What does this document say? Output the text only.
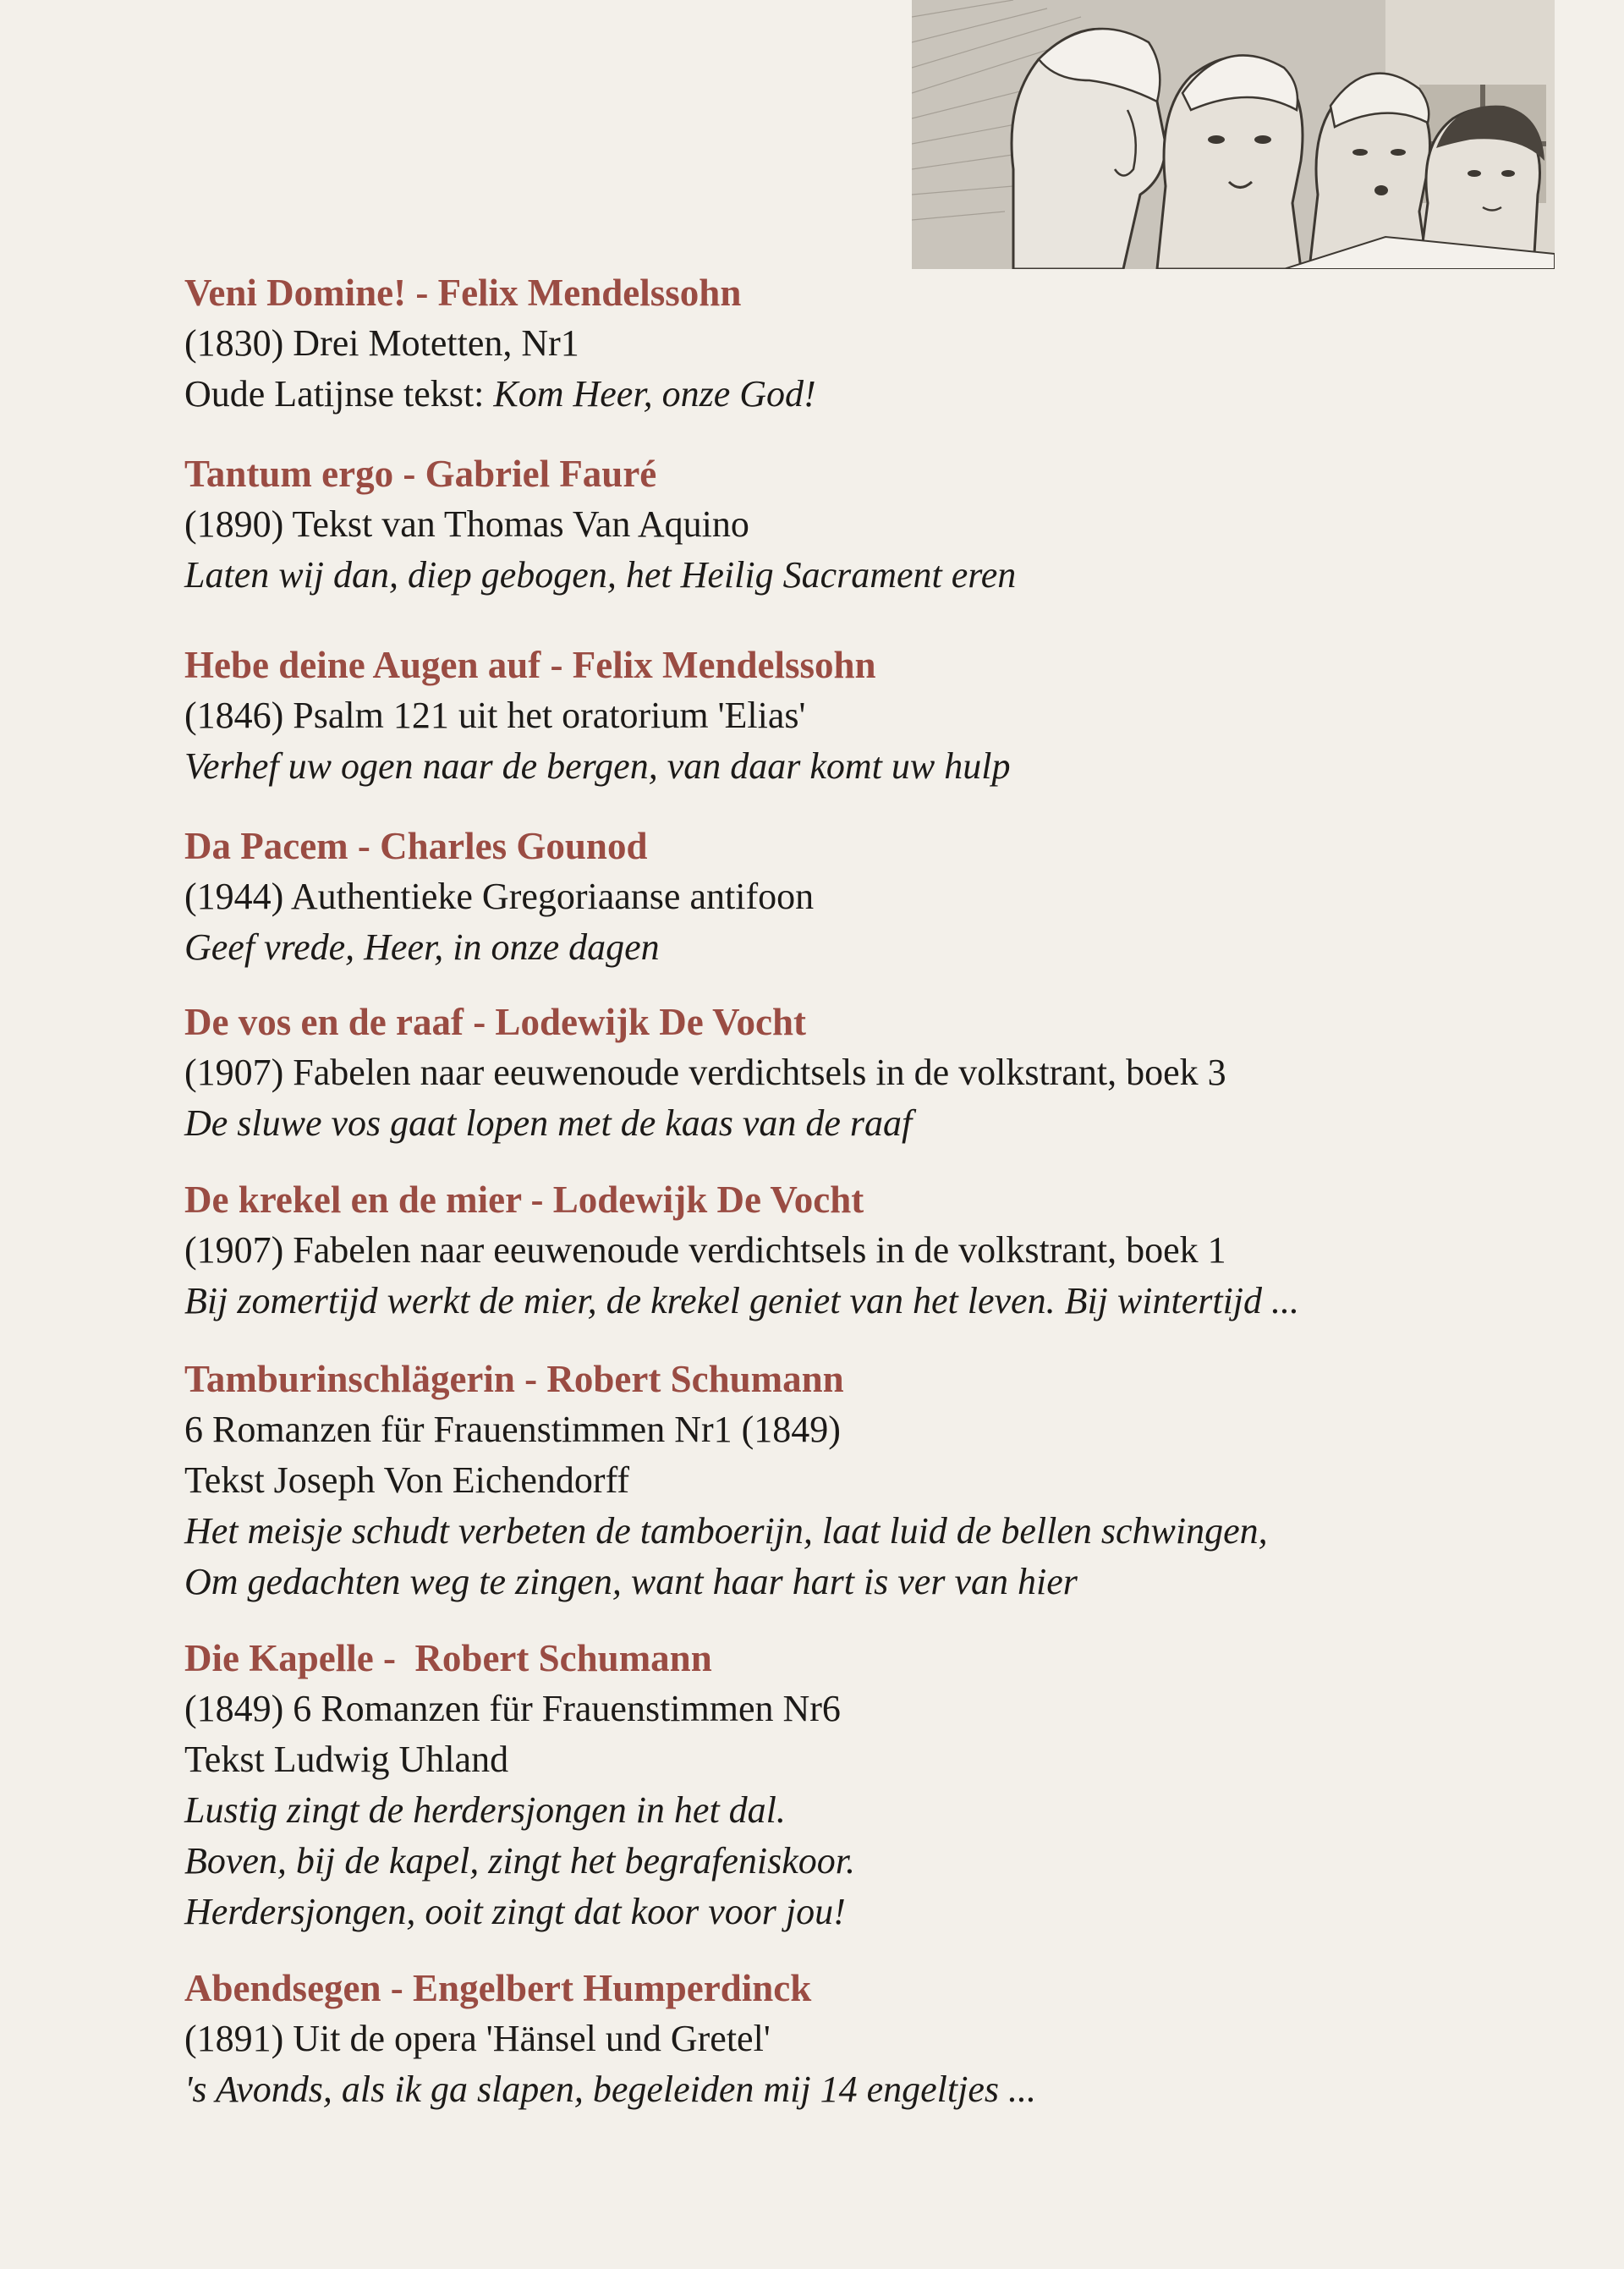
Veni Domine! - Felix Mendelssohn
(1830) Drei Motetten, Nr1
Oude Latijnse tekst: Kom Heer, onze God!
Tantum ergo - Gabriel Fauré
(1890) Tekst van Thomas Van Aquino
Laten wij dan, diep gebogen, het Heilig Sacrament eren
Hebe deine Augen auf - Felix Mendelssohn
(1846) Psalm 121 uit het oratorium 'Elias'
Verhef uw ogen naar de bergen, van daar komt uw hulp
Da Pacem - Charles Gounod
(1944) Authentieke Gregoriaanse antifoon
Geef vrede, Heer, in onze dagen
De vos en de raaf - Lodewijk De Vocht
(1907) Fabelen naar eeuwenoude verdichtsels in de volkstrant, boek 3
De sluwe vos gaat lopen met de kaas van de raaf
De krekel en de mier - Lodewijk De Vocht
(1907) Fabelen naar eeuwenoude verdichtsels in de volkstrant, boek 1
Bij zomertijd werkt de mier, de krekel geniet van het leven. Bij wintertijd ...
Tamburinschlägerin - Robert Schumann
6 Romanzen für Frauenstimmen Nr1 (1849)
Tekst Joseph Von Eichendorff
Het meisje schudt verbeten de tamboerijn, laat luid de bellen schwingen,
Om gedachten weg te zingen, want haar hart is ver van hier
Die Kapelle -  Robert Schumann
(1849) 6 Romanzen für Frauenstimmen Nr6
Tekst Ludwig Uhland
Lustig zingt de herdersjongen in het dal.
Boven, bij de kapel, zingt het begrafeniskoor.
Herdersjongen, ooit zingt dat koor voor jou!
Abendsegen - Engelbert Humperdinck
(1891) Uit de opera 'Hänsel und Gretel'
's Avonds, als ik ga slapen, begeleiden mij 14 engeltjes ...
